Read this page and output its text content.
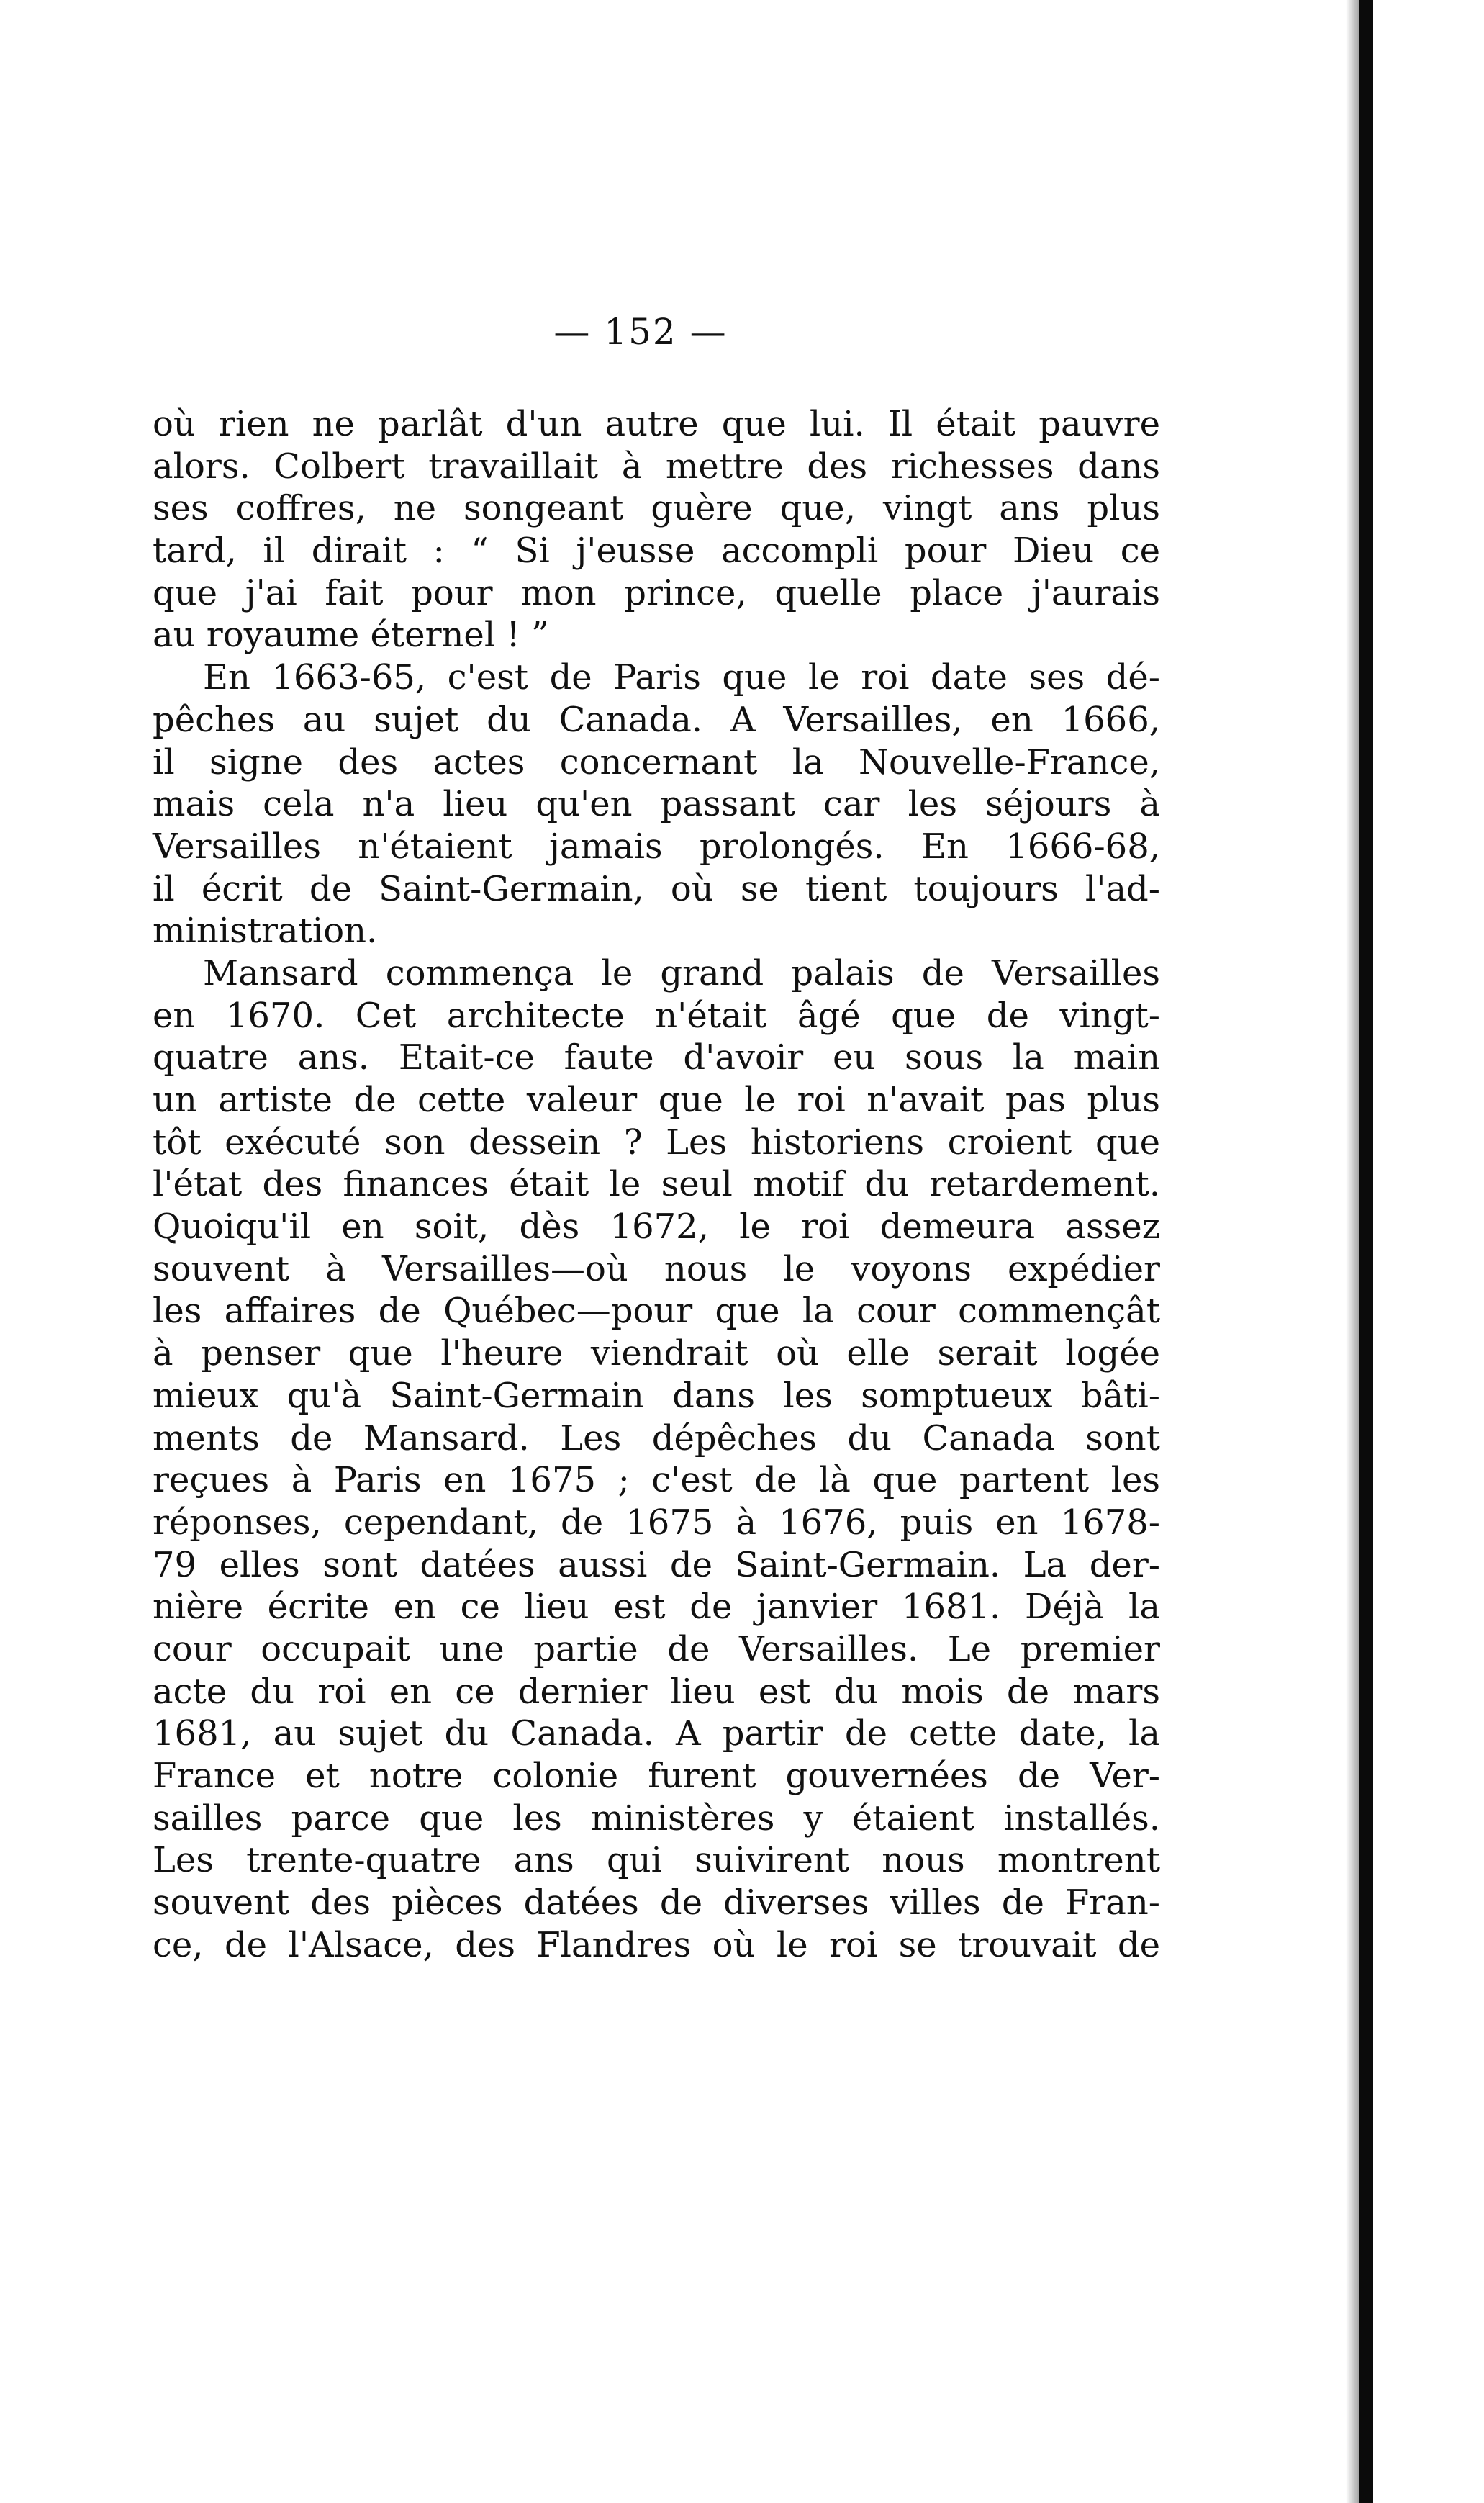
— 152 —
où rien ne parlât d'un autre que lui. Il était pauvre
alors. Colbert travaillait à mettre des richesses dans
ses coffres, ne songeant guère que, vingt ans plus
tard, il dirait : “ Si j'eusse accompli pour Dieu ce
que j'ai fait pour mon prince, quelle place j'aurais
au royaume éternel ! ”
En 1663-65, c'est de Paris que le roi date ses dé-
pêches au sujet du Canada. A Versailles, en 1666,
il signe des actes concernant la Nouvelle-France,
mais cela n'a lieu qu'en passant car les séjours à
Versailles n'étaient jamais prolongés. En 1666-68,
il écrit de Saint-Germain, où se tient toujours l'ad-
ministration.
Mansard commença le grand palais de Versailles
en 1670. Cet architecte n'était âgé que de vingt-
quatre ans. Etait-ce faute d'avoir eu sous la main
un artiste de cette valeur que le roi n'avait pas plus
tôt exécuté son dessein ? Les historiens croient que
l'état des finances était le seul motif du retardement.
Quoiqu'il en soit, dès 1672, le roi demeura assez
souvent à Versailles—où nous le voyons expédier
les affaires de Québec—pour que la cour commençât
à penser que l'heure viendrait où elle serait logée
mieux qu'à Saint-Germain dans les somptueux bâti-
ments de Mansard. Les dépêches du Canada sont
reçues à Paris en 1675 ; c'est de là que partent les
réponses, cependant, de 1675 à 1676, puis en 1678-
79 elles sont datées aussi de Saint-Germain. La der-
nière écrite en ce lieu est de janvier 1681. Déjà la
cour occupait une partie de Versailles. Le premier
acte du roi en ce dernier lieu est du mois de mars
1681, au sujet du Canada. A partir de cette date, la
France et notre colonie furent gouvernées de Ver-
sailles parce que les ministères y étaient installés.
Les trente-quatre ans qui suivirent nous montrent
souvent des pièces datées de diverses villes de Fran-
ce, de l'Alsace, des Flandres où le roi se trouvait de
